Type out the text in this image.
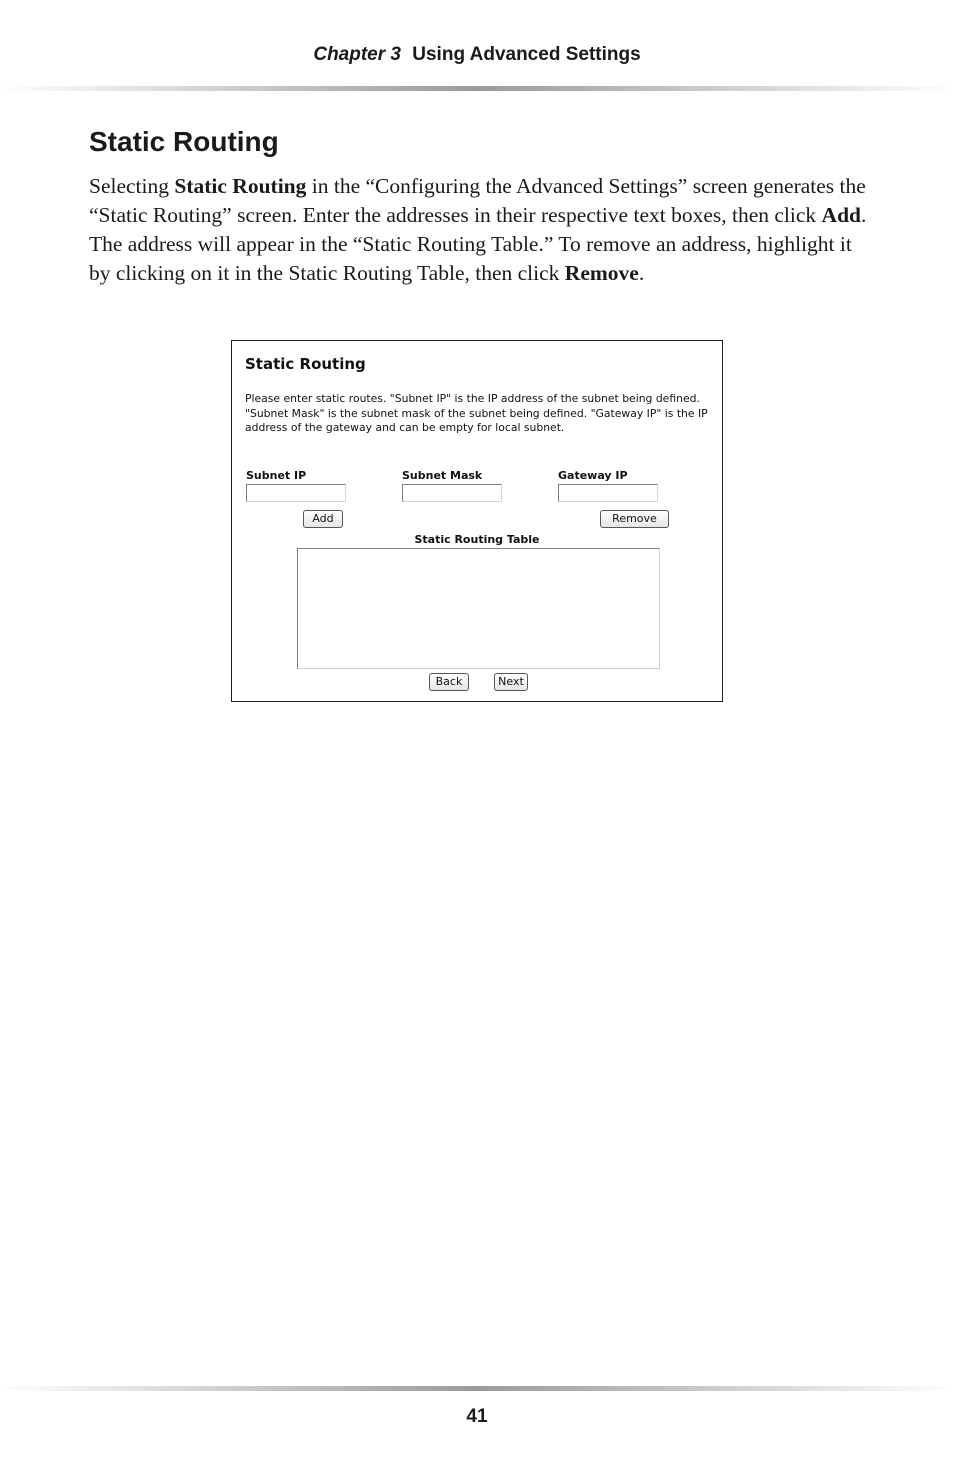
Chapter 3 Using Advanced Settings
Static Routing

Selecting Static Routing in the “Configuring the Advanced Settings” screen generates the “Static Routing” screen. Enter the addresses in their respective text boxes, then click Add. The address will appear in the “Static Routing Table.” To remove an address, highlight it by clicking on it in the Static Routing Table, then click Remove.

Static Routing
Please enter static routes. "Subnet IP" is the IP address of the subnet being defined. "Subnet Mask" is the subnet mask of the subnet being defined. "Gateway IP" is the IP address of the gateway and can be empty for local subnet.
Subnet IP	Subnet Mask	Gateway IP
Add	Remove
Static Routing Table
Back	Next
41
